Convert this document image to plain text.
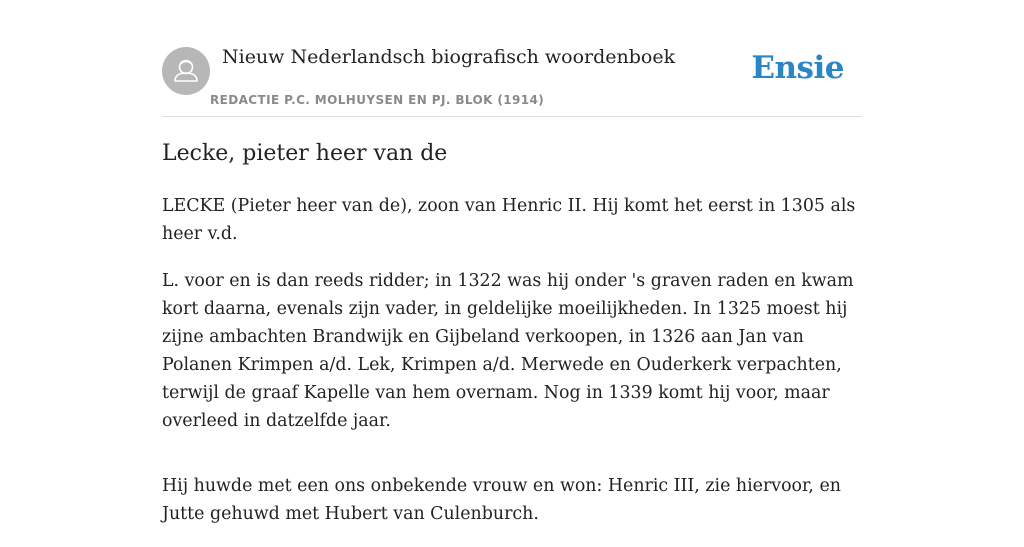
Nieuw Nederlandsch biografisch woordenboek
REDACTIE P.C. MOLHUYSEN EN PJ. BLOK (1914)
Ensie
Lecke, pieter heer van de

LECKE (Pieter heer van de), zoon van Henric II. Hij komt het eerst in 1305 als heer v.d.

L. voor en is dan reeds ridder; in 1322 was hij onder 's graven raden en kwam kort daarna, evenals zijn vader, in geldelijke moeilijkheden. In 1325 moest hij zijne ambachten Brandwijk en Gijbeland verkoopen, in 1326 aan Jan van Polanen Krimpen a/d. Lek, Krimpen a/d. Merwede en Ouderkerk verpachten, terwijl de graaf Kapelle van hem overnam. Nog in 1339 komt hij voor, maar overleed in datzelfde jaar.

Hij huwde met een ons onbekende vrouw en won: Henric III, zie hiervoor, en Jutte gehuwd met Hubert van Culenburch.
